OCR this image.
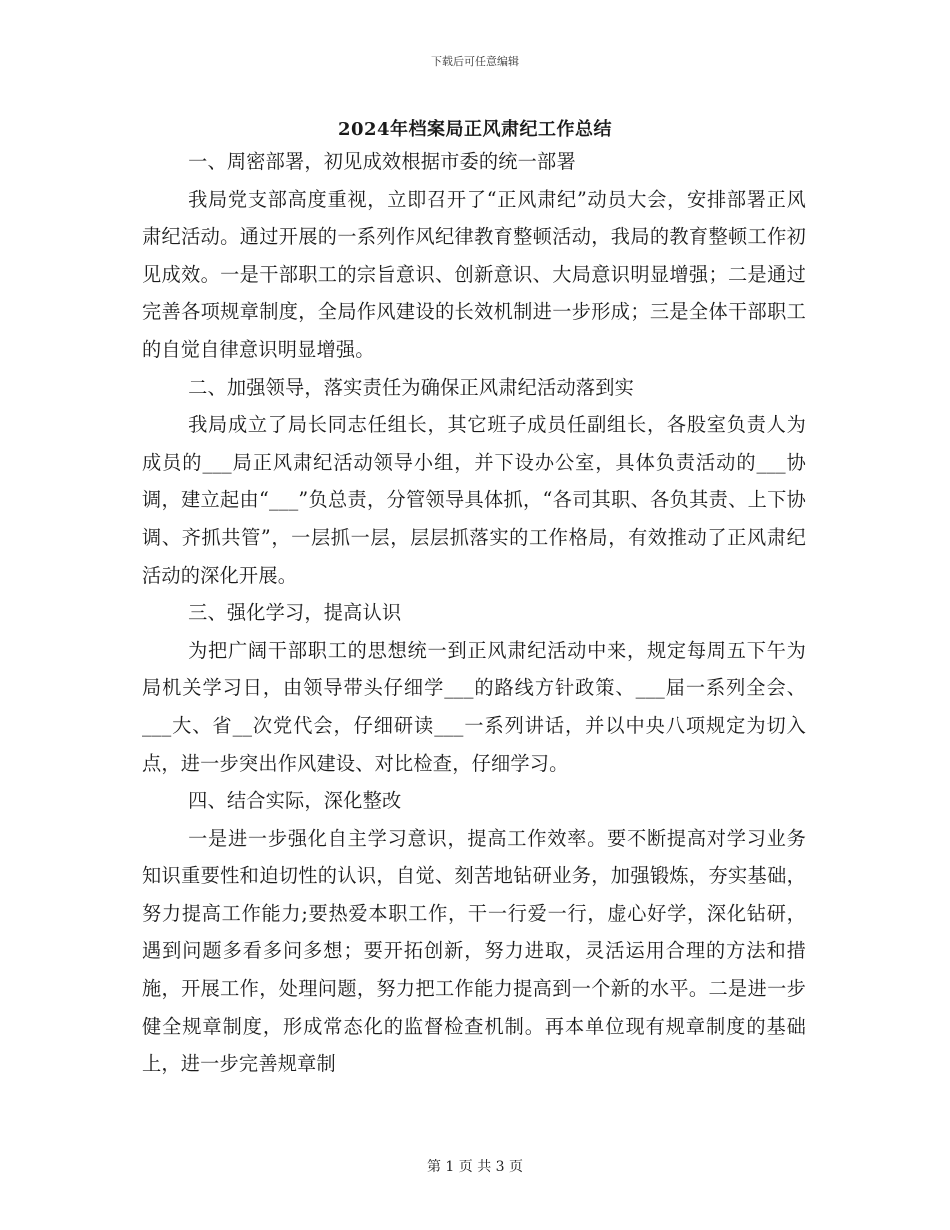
下载后可任意编辑
2024年档案局正风肃纪工作总结

一、周密部署，初见成效根据市委的统一部署

我局党支部高度重视，立即召开了“正风肃纪”动员大会，安排部署正风肃纪活动。通过开展的一系列作风纪律教育整顿活动，我局的教育整顿工作初见成效。一是干部职工的宗旨意识、创新意识、大局意识明显增强；二是通过完善各项规章制度，全局作风建设的长效机制进一步形成；三是全体干部职工的自觉自律意识明显增强。

二、加强领导，落实责任为确保正风肃纪活动落到实

我局成立了局长同志任组长，其它班子成员任副组长，各股室负责人为成员的___局正风肃纪活动领导小组，并下设办公室，具体负责活动的___协调，建立起由“___”负总责，分管领导具体抓，“各司其职、各负其责、上下协调、齐抓共管”，一层抓一层，层层抓落实的工作格局，有效推动了正风肃纪活动的深化开展。

三、强化学习，提高认识

为把广阔干部职工的思想统一到正风肃纪活动中来，规定每周五下午为局机关学习日，由领导带头仔细学___的路线方针政策、___届一系列全会、___大、省__次党代会，仔细研读___一系列讲话，并以中央八项规定为切入点，进一步突出作风建设、对比检查，仔细学习。

四、结合实际，深化整改

一是进一步强化自主学习意识，提高工作效率。要不断提高对学习业务知识重要性和迫切性的认识，自觉、刻苦地钻研业务，加强锻炼，夯实基础，努力提高工作能力;要热爱本职工作，干一行爱一行，虚心好学，深化钻研，遇到问题多看多问多想；要开拓创新，努力进取，灵活运用合理的方法和措施，开展工作，处理问题，努力把工作能力提高到一个新的水平。二是进一步健全规章制度，形成常态化的监督检查机制。再本单位现有规章制度的基础上，进一步完善规章制

第 1 页 共 3 页
